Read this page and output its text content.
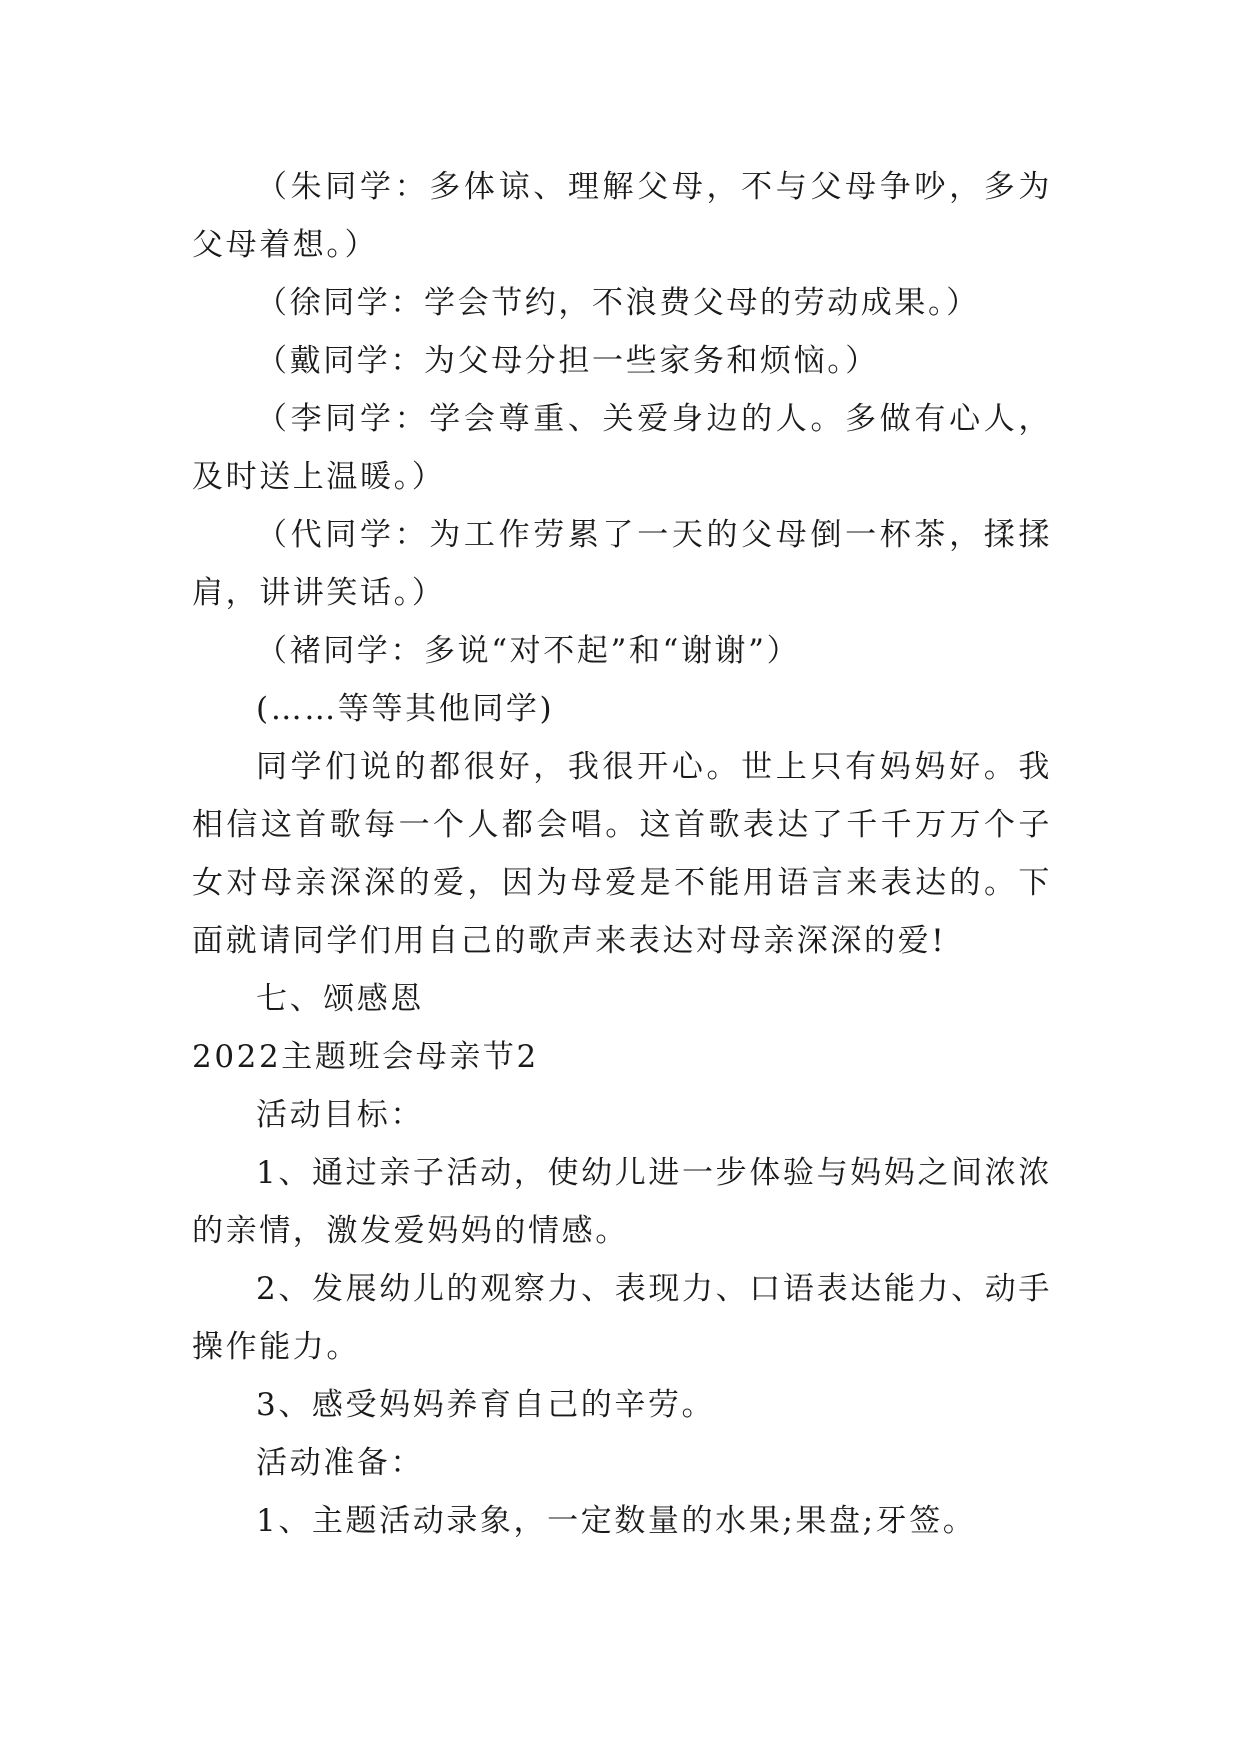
（朱同学：多体谅、理解父母，不与父母争吵，多为父母着想。）

（徐同学：学会节约，不浪费父母的劳动成果。）

（戴同学：为父母分担一些家务和烦恼。）

（李同学：学会尊重、关爱身边的人。多做有心人，及时送上温暖。）

（代同学：为工作劳累了一天的父母倒一杯茶，揉揉肩，讲讲笑话。）

（褚同学：多说“对不起”和“谢谢”）

(……等等其他同学)

同学们说的都很好，我很开心。世上只有妈妈好。我相信这首歌每一个人都会唱。这首歌表达了千千万万个子女对母亲深深的爱，因为母爱是不能用语言来表达的。下面就请同学们用自己的歌声来表达对母亲深深的爱!

七、颂感恩

2022主题班会母亲节2

活动目标：

1、通过亲子活动，使幼儿进一步体验与妈妈之间浓浓的亲情，激发爱妈妈的情感。

2、发展幼儿的观察力、表现力、口语表达能力、动手操作能力。

3、感受妈妈养育自己的辛劳。

活动准备：

1、主题活动录象，一定数量的水果;果盘;牙签。
